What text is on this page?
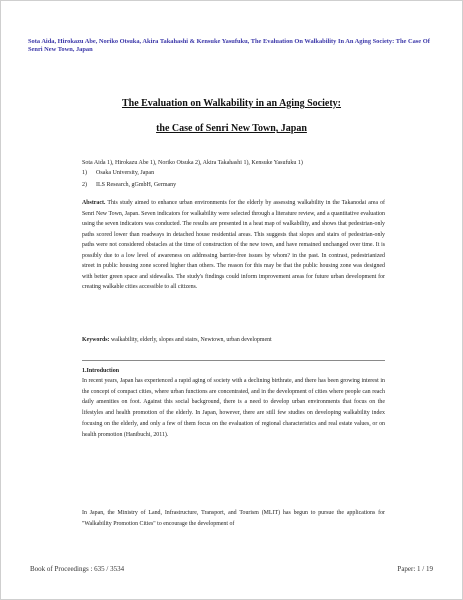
Sota Aida, Hirokazu Abe, Noriko Otsuka, Akira Takahashi & Kensuke Yasufuku, The Evaluation On Walkability In An Aging Society: The Case Of Senri New Town, Japan

The Evaluation on Walkability in an Aging Society:
the Case of Senri New Town, Japan

Sota Aida 1), Hirokazu Abe 1), Noriko Otsuka 2), Akira Takahashi 1), Kensuke Yasufuku 1)

1) Osaka University, Japan

2) ILS Research, gGmbH, Germany

Abstract. This study aimed to enhance urban environments for the elderly by assessing walkability in the Takanodai area of Senri New Town, Japan. Seven indicators for walkability were selected through a literature review, and a quantitative evaluation using the seven indicators was conducted. The results are presented in a heat map of walkability, and shows that pedestrian-only paths scored lower than roadways in detached house residential areas. This suggests that slopes and stairs of pedestrian-only paths were not considered obstacles at the time of construction of the new town, and have remained unchanged over time. It is possibly due to a low level of awareness on addressing barrier-free issues by whom? in the past. In contrast, pedestrianized street in public housing zone scored higher than others. The reason for this may be that the public housing zone was designed with better green space and sidewalks. The study's findings could inform improvement areas for future urban development for creating walkable cities accessible to all citizens.

Keywords: walkability, elderly, slopes and stairs, Newtown, urban development

1.Introduction

In recent years, Japan has experienced a rapid aging of society with a declining birthrate, and there has been growing interest in the concept of compact cities, where urban functions are concentrated, and in the development of cities where people can reach daily amenities on foot. Against this social background, there is a need to develop urban environments that focus on the lifestyles and health promotion of the elderly. In Japan, however, there are still few studies on developing walkability index focusing on the elderly, and only a few of them focus on the evaluation of regional characteristics and real estate values, or on health promotion (Hanibuchi, 2011).

In Japan, the Ministry of Land, Infrastructure, Transport, and Tourism (MLIT) has begun to pursue the applications for "Walkability Promotion Cities" to encourage the development of

Book of Proceedings : 635 / 3534	Paper: 1 / 19
